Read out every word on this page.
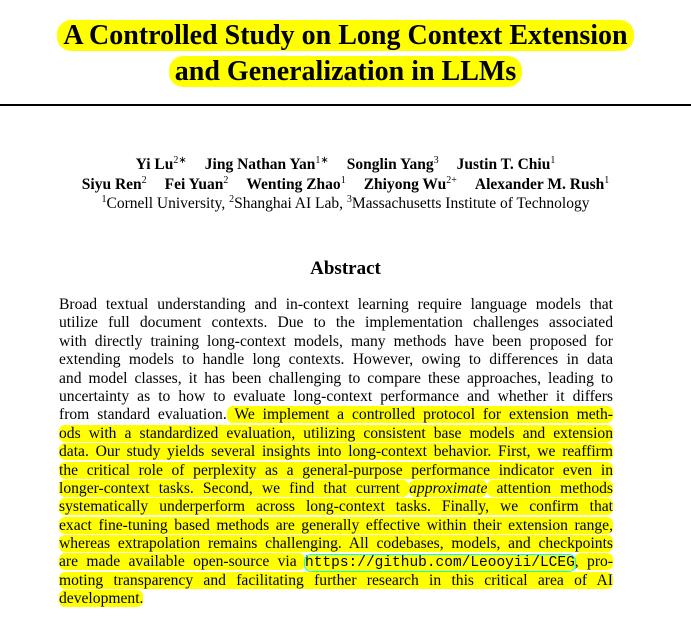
A Controlled Study on Long Context Extension
and Generalization in LLMs
Yi $Lu^{2∗}$ Jing Nathan Yan$^{1∗}$ Songlin Yang$^3$ Justin T. Chiu$^1$
Siyu Ren$^2$ Fei Yuan$^2$ Wenting Zhao$^1$ Zhiyong $Wu^{2+}$ Alexander M. Rush$^1$
$^1$Cornell University, $^2$Shanghai AI Lab, $^3$Massachusetts Institute of Technology
Abstract
Broad textual understanding and in-context learning require language models that
utilize full document contexts. Due to the implementation challenges associated
with directly training long-context models, many methods have been proposed for
extending models to handle long contexts. However, owing to differences in data
and model classes, it has been challenging to compare these approaches, leading to
uncertainty as to how to evaluate long-context performance and whether it differs
from standard evaluation. We implement a controlled protocol for extension meth-
ods with a standardized evaluation, utilizing consistent base models and extension
data. Our study yields several insights into long-context behavior. First, we reaffirm
the critical role of perplexity as a general-purpose performance indicator even in
longer-context tasks. Second, we find that current approximate attention methods
systematically underperform across long-context tasks. Finally, we confirm that
exact fine-tuning based methods are generally effective within their extension range,
whereas extrapolation remains challenging. All codebases, models, and checkpoints
are made available open-source via https://github.com/Leooyii/LCEG, pro-
moting transparency and facilitating further research in this critical area of AI
development.
